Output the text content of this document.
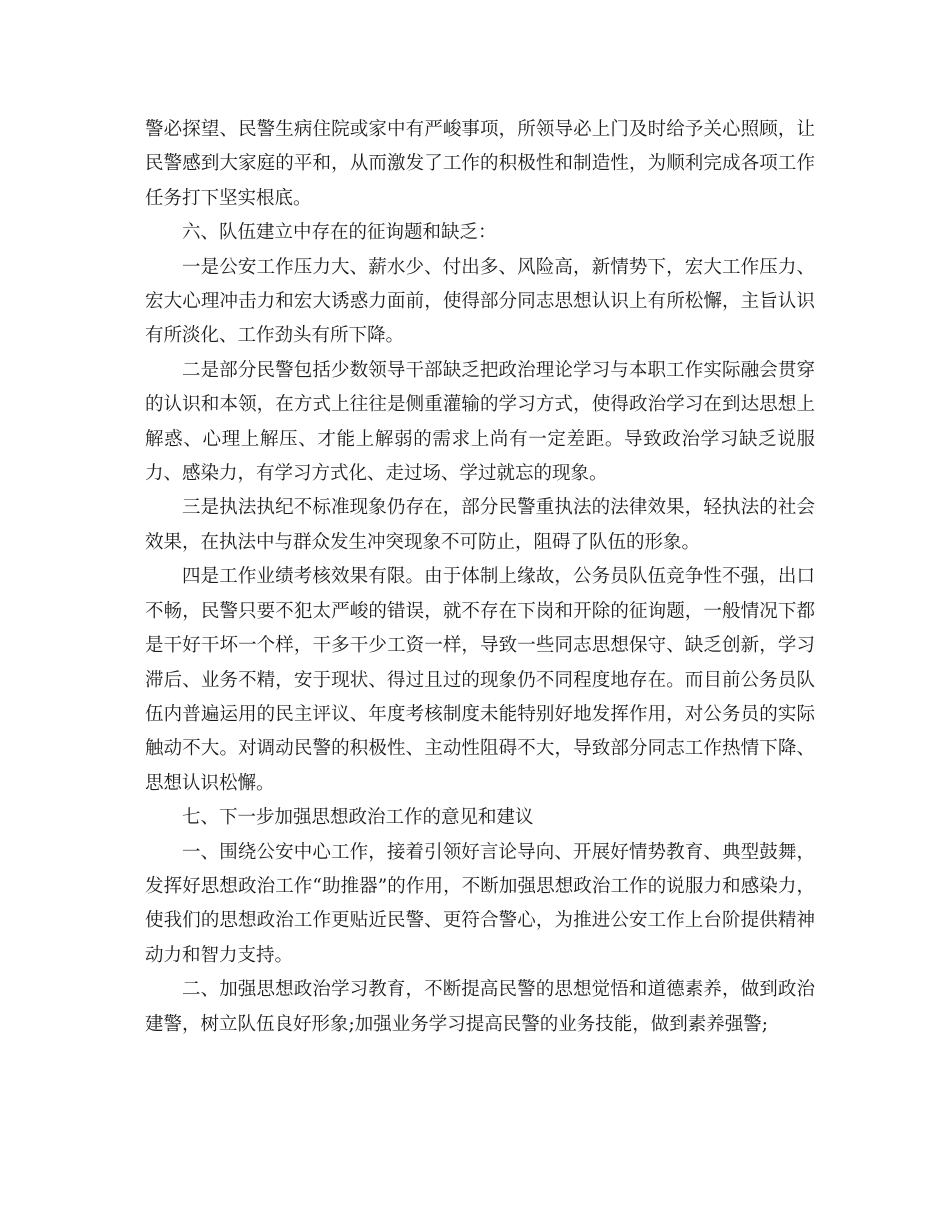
警必探望、民警生病住院或家中有严峻事项，所领导必上门及时给予关心照顾，让民警感到大家庭的平和，从而激发了工作的积极性和制造性，为顺利完成各项工作任务打下坚实根底。

六、队伍建立中存在的征询题和缺乏：

一是公安工作压力大、薪水少、付出多、风险高，新情势下，宏大工作压力、宏大心理冲击力和宏大诱惑力面前，使得部分同志思想认识上有所松懈，主旨认识有所淡化、工作劲头有所下降。

二是部分民警包括少数领导干部缺乏把政治理论学习与本职工作实际融会贯穿的认识和本领，在方式上往往是侧重灌输的学习方式，使得政治学习在到达思想上解惑、心理上解压、才能上解弱的需求上尚有一定差距。导致政治学习缺乏说服力、感染力，有学习方式化、走过场、学过就忘的现象。

三是执法执纪不标准现象仍存在，部分民警重执法的法律效果，轻执法的社会效果，在执法中与群众发生冲突现象不可防止，阻碍了队伍的形象。

四是工作业绩考核效果有限。由于体制上缘故，公务员队伍竞争性不强，出口不畅，民警只要不犯太严峻的错误，就不存在下岗和开除的征询题，一般情况下都是干好干坏一个样，干多干少工资一样，导致一些同志思想保守、缺乏创新，学习滞后、业务不精，安于现状、得过且过的现象仍不同程度地存在。而目前公务员队伍内普遍运用的民主评议、年度考核制度未能特别好地发挥作用，对公务员的实际触动不大。对调动民警的积极性、主动性阻碍不大，导致部分同志工作热情下降、思想认识松懈。

七、下一步加强思想政治工作的意见和建议

一、围绕公安中心工作，接着引领好言论导向、开展好情势教育、典型鼓舞，发挥好思想政治工作“助推器”的作用，不断加强思想政治工作的说服力和感染力，使我们的思想政治工作更贴近民警、更符合警心，为推进公安工作上台阶提供精神动力和智力支持。

二、加强思想政治学习教育，不断提高民警的思想觉悟和道德素养，做到政治建警，树立队伍良好形象;加强业务学习提高民警的业务技能，做到素养强警;
